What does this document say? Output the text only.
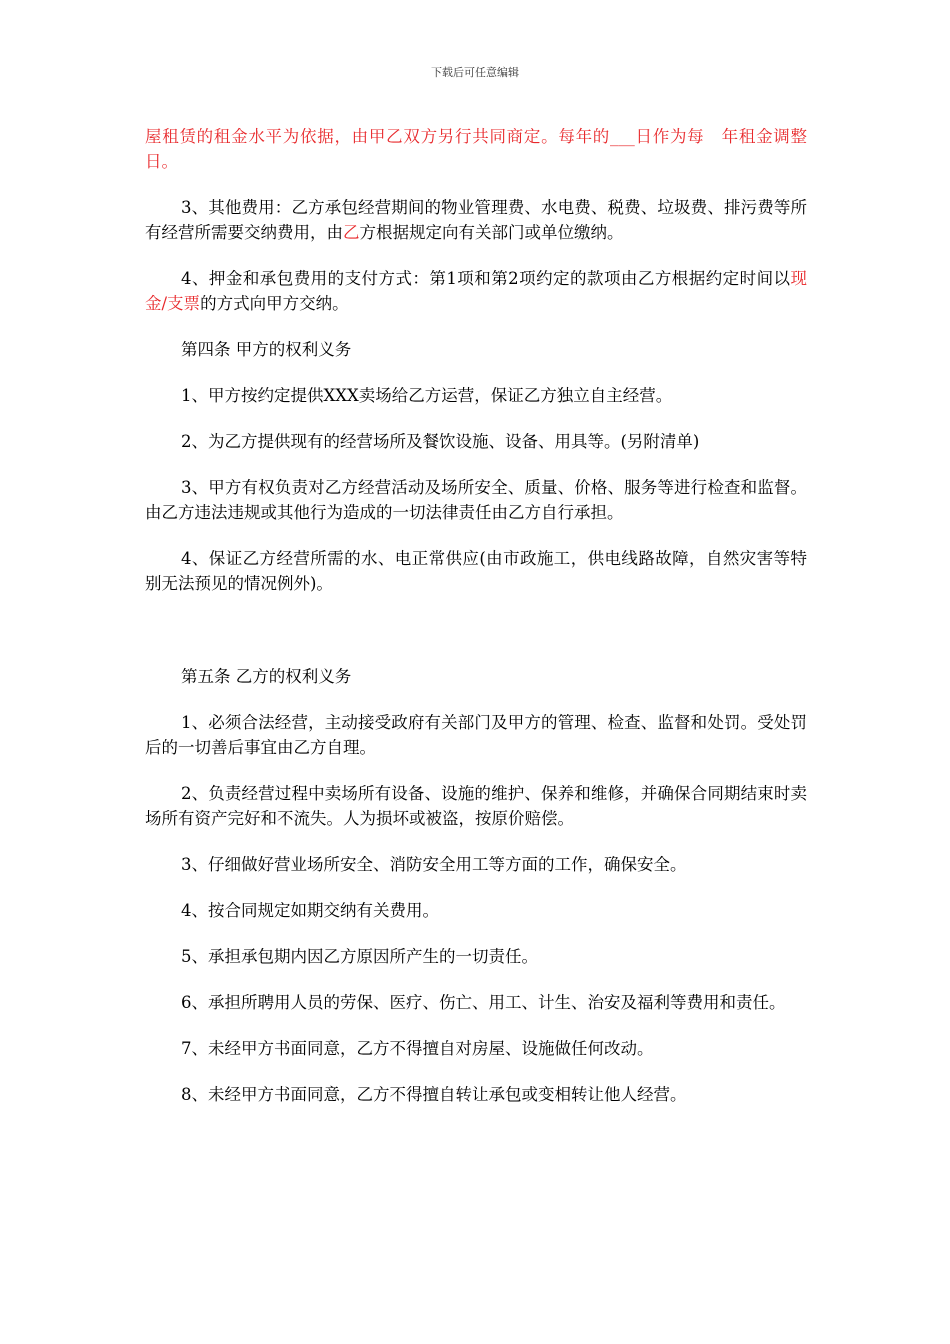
下载后可任意编辑

屋租赁的租金水平为依据，由甲乙双方另行共同商定。每年的___日作为每　年租金调整日。

3、其他费用：乙方承包经营期间的物业管理费、水电费、税费、垃圾费、排污费等所有经营所需要交纳费用，由乙方根据规定向有关部门或单位缴纳。

4、押金和承包费用的支付方式：第1项和第2项约定的款项由乙方根据约定时间以现金/支票的方式向甲方交纳。

第四条 甲方的权利义务

1、甲方按约定提供XXX卖场给乙方运营，保证乙方独立自主经营。

2、为乙方提供现有的经营场所及餐饮设施、设备、用具等。(另附清单)

3、甲方有权负责对乙方经营活动及场所安全、质量、价格、服务等进行检查和监督。由乙方违法违规或其他行为造成的一切法律责任由乙方自行承担。

4、保证乙方经营所需的水、电正常供应(由市政施工，供电线路故障，自然灾害等特别无法预见的情况例外)。

第五条 乙方的权利义务

1、必须合法经营，主动接受政府有关部门及甲方的管理、检查、监督和处罚。受处罚后的一切善后事宜由乙方自理。

2、负责经营过程中卖场所有设备、设施的维护、保养和维修，并确保合同期结束时卖场所有资产完好和不流失。人为损坏或被盗，按原价赔偿。

3、仔细做好营业场所安全、消防安全用工等方面的工作，确保安全。

4、按合同规定如期交纳有关费用。

5、承担承包期内因乙方原因所产生的一切责任。

6、承担所聘用人员的劳保、医疗、伤亡、用工、计生、治安及福利等费用和责任。

7、未经甲方书面同意，乙方不得擅自对房屋、设施做任何改动。

8、未经甲方书面同意，乙方不得擅自转让承包或变相转让他人经营。
